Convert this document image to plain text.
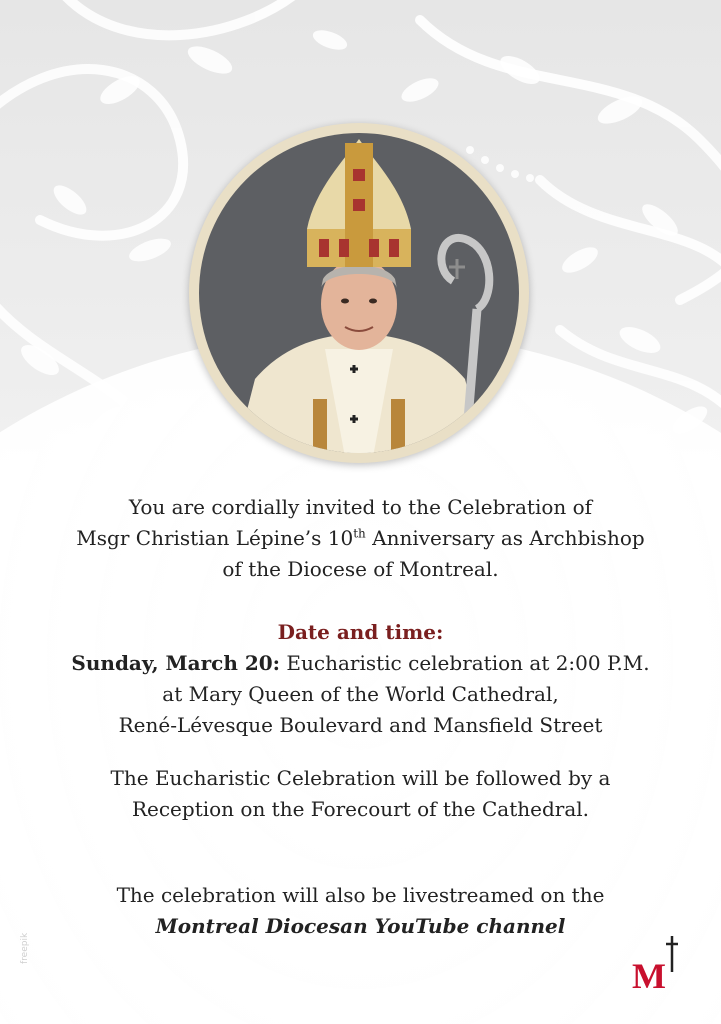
You are cordially invited to the Celebration of
Msgr Christian Lépine’s 10th Anniversary as Archbishop
of the Diocese of Montreal.
Date and time:
Sunday, March 20: Eucharistic celebration at 2:00 P.M.
at Mary Queen of the World Cathedral,
René-Lévesque Boulevard and Mansfield Street
The Eucharistic Celebration will be followed by a
Reception on the Forecourt of the Cathedral.
The celebration will also be livestreamed on the
Montreal Diocesan YouTube channel
M
freepik
